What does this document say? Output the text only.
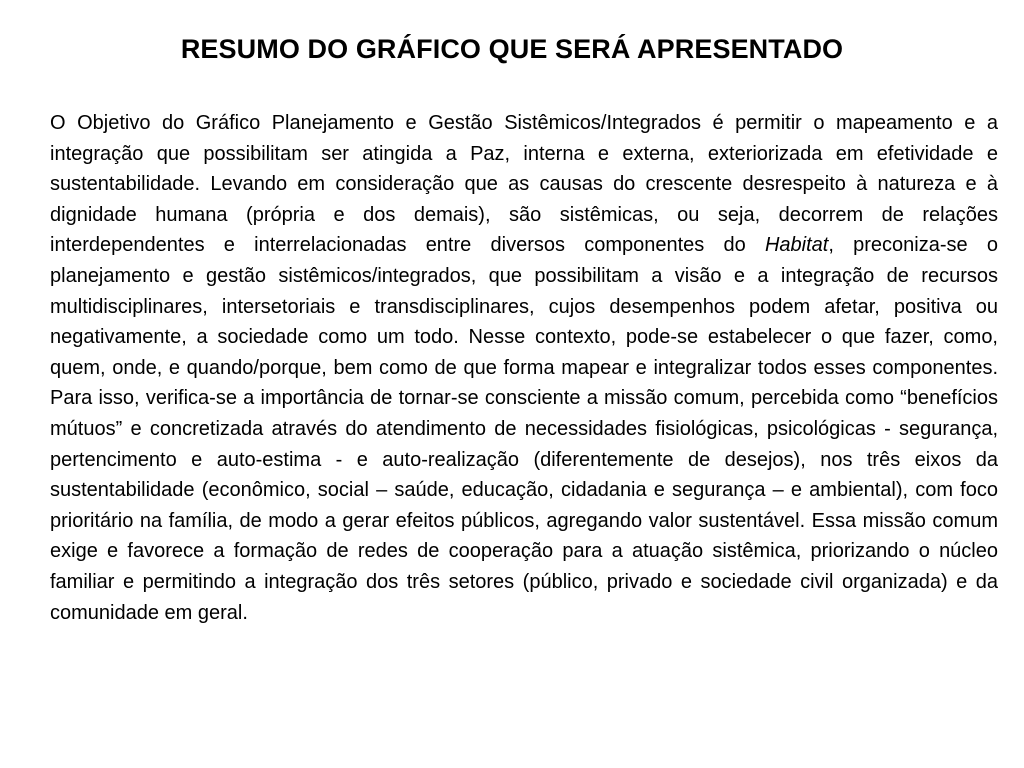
RESUMO DO GRÁFICO QUE SERÁ APRESENTADO

O Objetivo do Gráfico Planejamento e Gestão Sistêmicos/Integrados é permitir o mapeamento e a integração que possibilitam ser atingida a Paz, interna e externa, exteriorizada em efetividade e sustentabilidade. Levando em consideração que as causas do crescente desrespeito à natureza e à dignidade humana (própria e dos demais), são sistêmicas, ou seja, decorrem de relações interdependentes e interrelacionadas entre diversos componentes do Habitat, preconiza-se o planejamento e gestão sistêmicos/integrados, que possibilitam a visão e a integração de recursos multidisciplinares, intersetoriais e transdisciplinares, cujos desempenhos podem afetar, positiva ou negativamente, a sociedade como um todo. Nesse contexto, pode-se estabelecer o que fazer, como, quem, onde, e quando/porque, bem como de que forma mapear e integralizar todos esses componentes. Para isso, verifica-se a importância de tornar-se consciente a missão comum, percebida como “benefícios mútuos” e concretizada através do atendimento de necessidades fisiológicas, psicológicas - segurança, pertencimento e auto-estima - e auto-realização (diferentemente de desejos), nos três eixos da sustentabilidade (econômico, social – saúde, educação, cidadania e segurança – e ambiental), com foco prioritário na família, de modo a gerar efeitos públicos, agregando valor sustentável. Essa missão comum exige e favorece a formação de redes de cooperação para a atuação sistêmica, priorizando o núcleo familiar e permitindo a integração dos três setores (público, privado e sociedade civil organizada) e da comunidade em geral.
